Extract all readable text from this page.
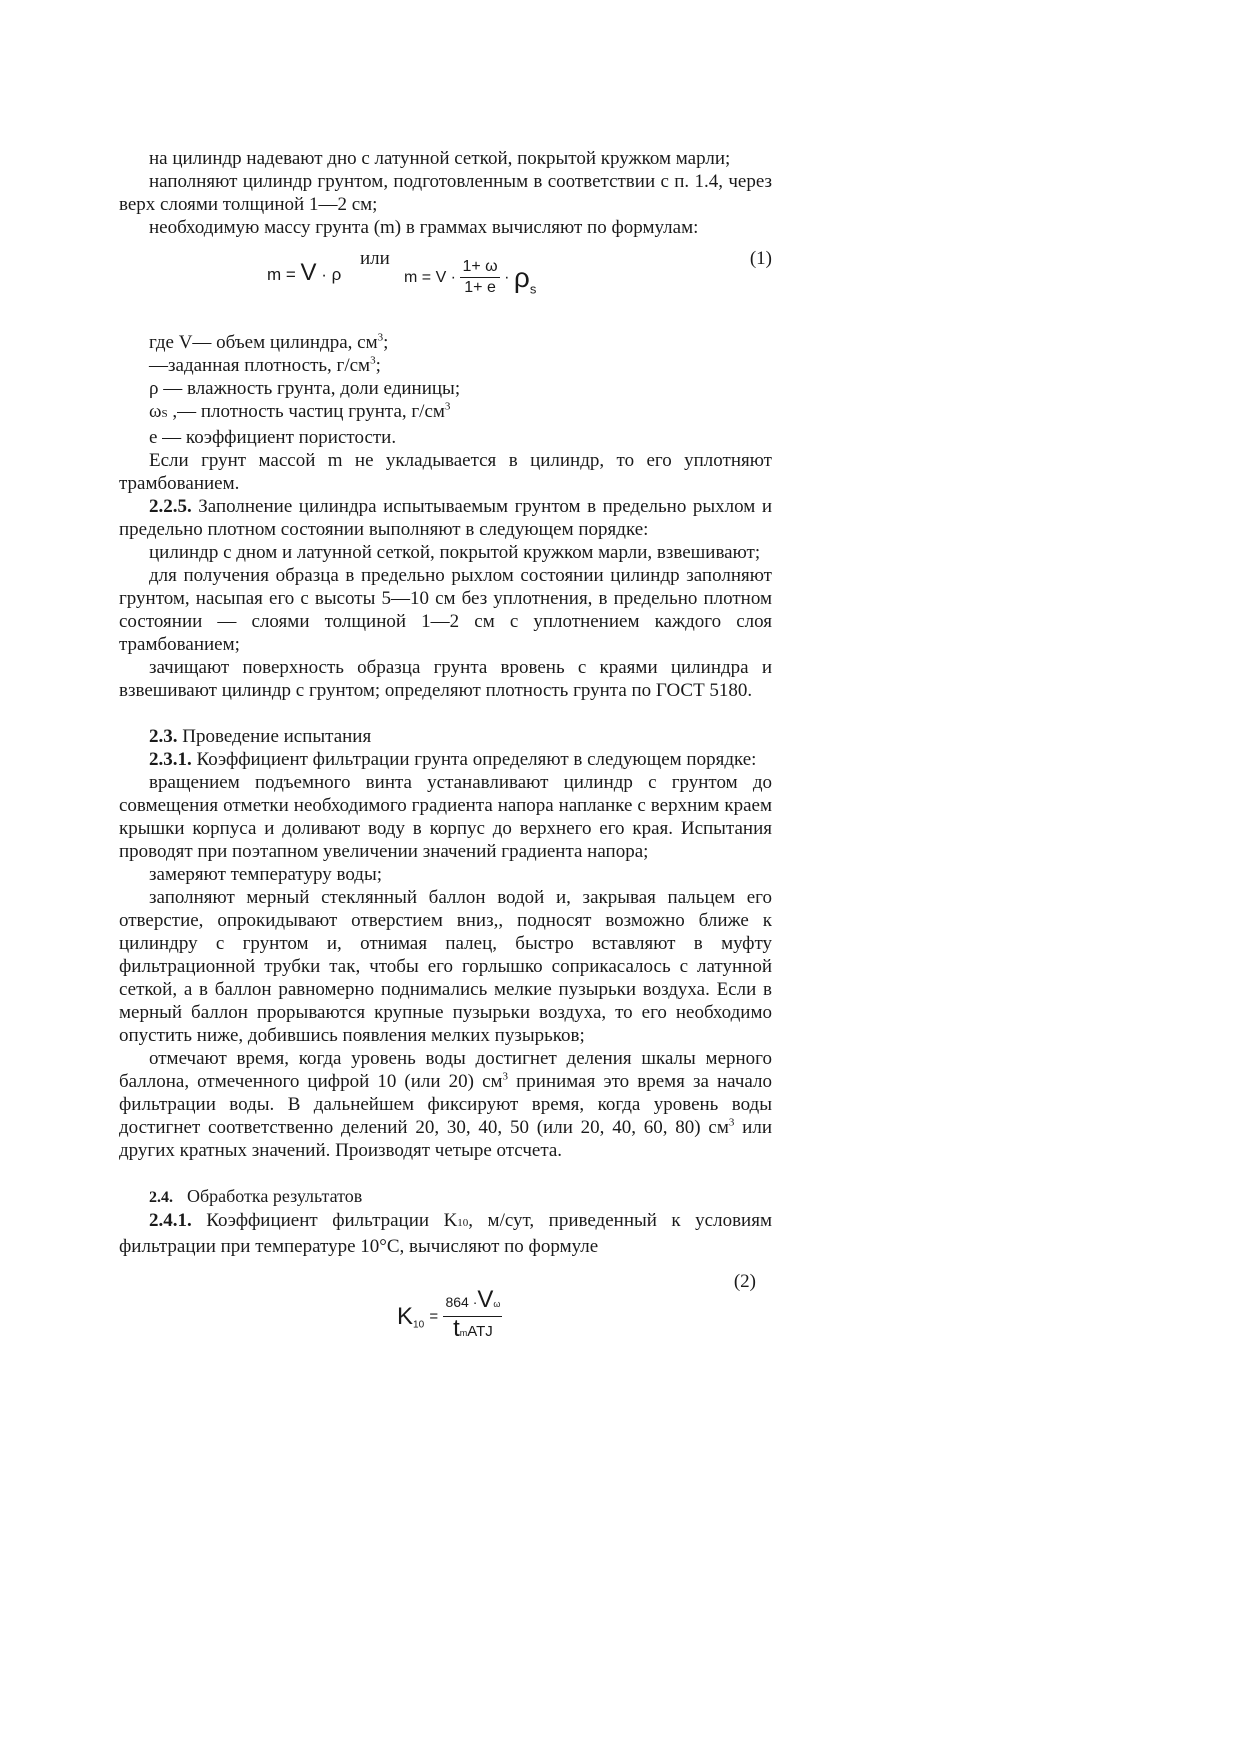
на цилиндр надевают дно с латунной сеткой, покрытой кружком марли;

наполняют цилиндр грунтом, подготовленным в соответствии с п. 1.4, через верх слоями толщиной 1—2 см;

необходимую массу грунта (m) в граммах вычисляют по формулам:

m = V · ρ
или
$m = V \cdot \frac{1+ \omega}{1+ e} \cdot \rho_s$
(1)

где V— объем цилиндра, $см^3$;

—заданная плотность, $г/см^3$;

ρ — влажность грунта, доли единицы;

ωS ,— плотность частиц грунта, $г/см^3$

e — коэффициент пористости.

Если грунт массой m не укладывается в цилиндр, то его уплотняют трамбованием.

2.2.5. Заполнение цилиндра испытываемым грунтом в предельно рыхлом и предельно плотном состоянии выполняют в следующем порядке:

цилиндр с дном и латунной сеткой, покрытой кружком марли, взвешивают;

для получения образца в предельно рыхлом состоянии цилиндр заполняют грунтом, насыпая его с высоты 5—10 см без уплотнения, в предельно плотном состоянии — слоями толщиной 1—2 см с уплотнением каждого слоя трамбованием;

зачищают поверхность образца грунта вровень с краями цилиндра и взвешивают цилиндр с грунтом; определяют плотность грунта по ГОСТ 5180.

2.3. Проведение испытания

2.3.1. Коэффициент фильтрации грунта определяют в следующем порядке:

вращением подъемного винта устанавливают цилиндр с грунтом до совмещения отметки необходимого градиента напора напланке с верхним краем крышки корпуса и доливают воду в корпус до верхнего его края. Испытания проводят при поэтапном увеличении значений градиента напора;

замеряют температуру воды;

заполняют мерный стеклянный баллон водой и, закрывая пальцем его отверстие, опрокидывают отверстием вниз,, подносят возможно ближе к цилиндру с грунтом и, отнимая палец, быстро вставляют в муфту фильтрационной трубки так, чтобы его горлышко соприкасалось с латунной сеткой, а в баллон равномерно поднимались мелкие пузырьки воздуха. Если в мерный баллон прорываются крупные пузырьки воздуха, то его необходимо опустить ниже, добившись появления мелких пузырьков;

отмечают время, когда уровень воды достигнет деления шкалы мерного баллона, отмеченного цифрой 10 (или 20) $см^3$ принимая это время за начало фильтрации воды. В дальнейшем фиксируют время, когда уровень воды достигнет соответственно делений 20, 30, 40, 50 (или 20, 40, 60, 80) $см^3$ или других кратных значений. Производят четыре отсчета.

2.4. Обработка результатов

2.4.1. Коэффициент фильтрации K10, м/сут, приведенный к условиям фильтрации при температуре 10°C, вычисляют по формуле

(2)
$K_{10} = \frac{864 \cdot V\omega}{\text{tmATJ}}$
